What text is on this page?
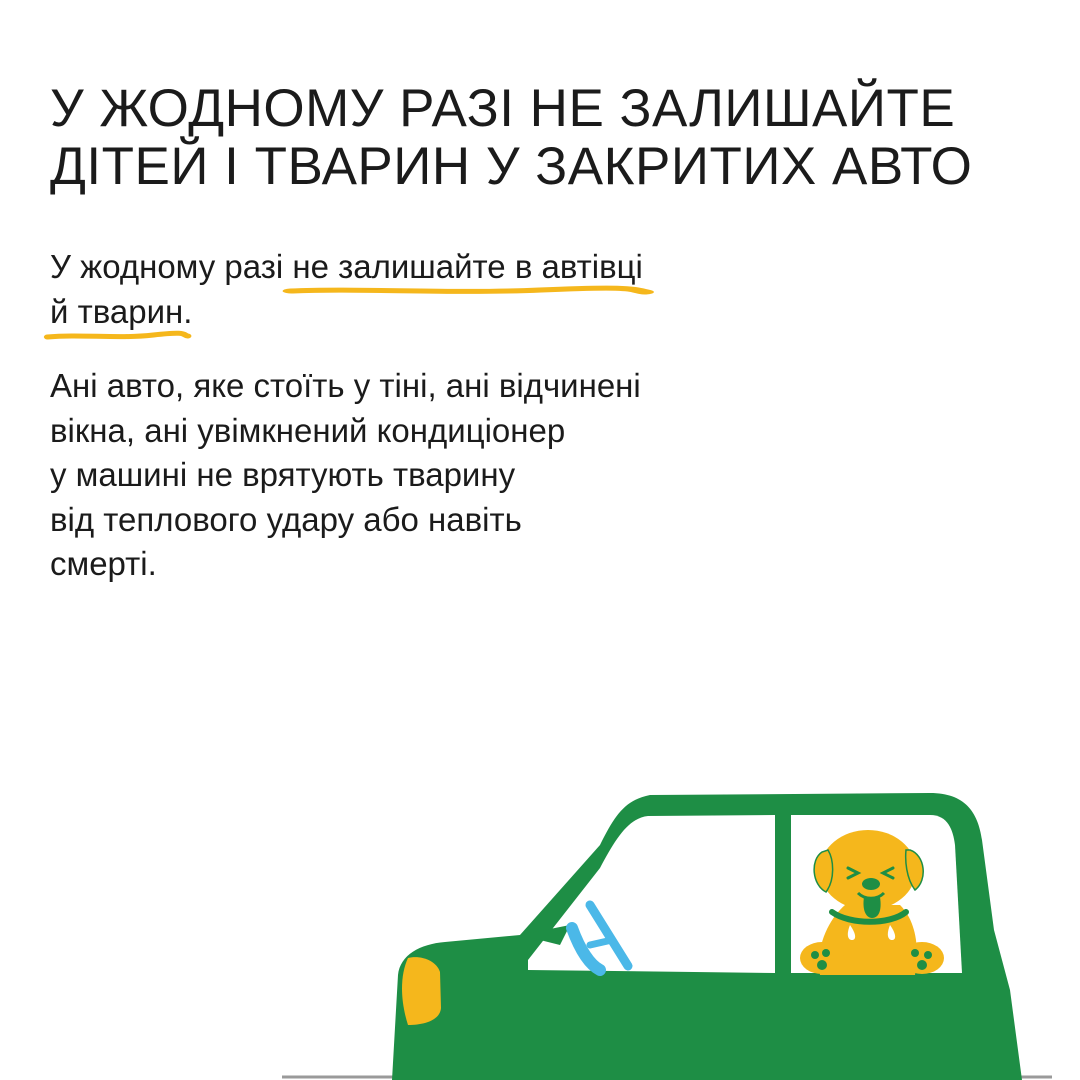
У ЖОДНОМУ РАЗІ НЕ ЗАЛИШАЙТЕ
ДІТЕЙ І ТВАРИН У ЗАКРИТИХ АВТО

У жодному разі не залишайте в автівці
й тварин
.

Ані авто, яке стоїть у тіні, ані відчинені
вікна, ані увімкнений кондиціонер
у машині не врятують тварину
від теплового удару або навіть
смерті.
